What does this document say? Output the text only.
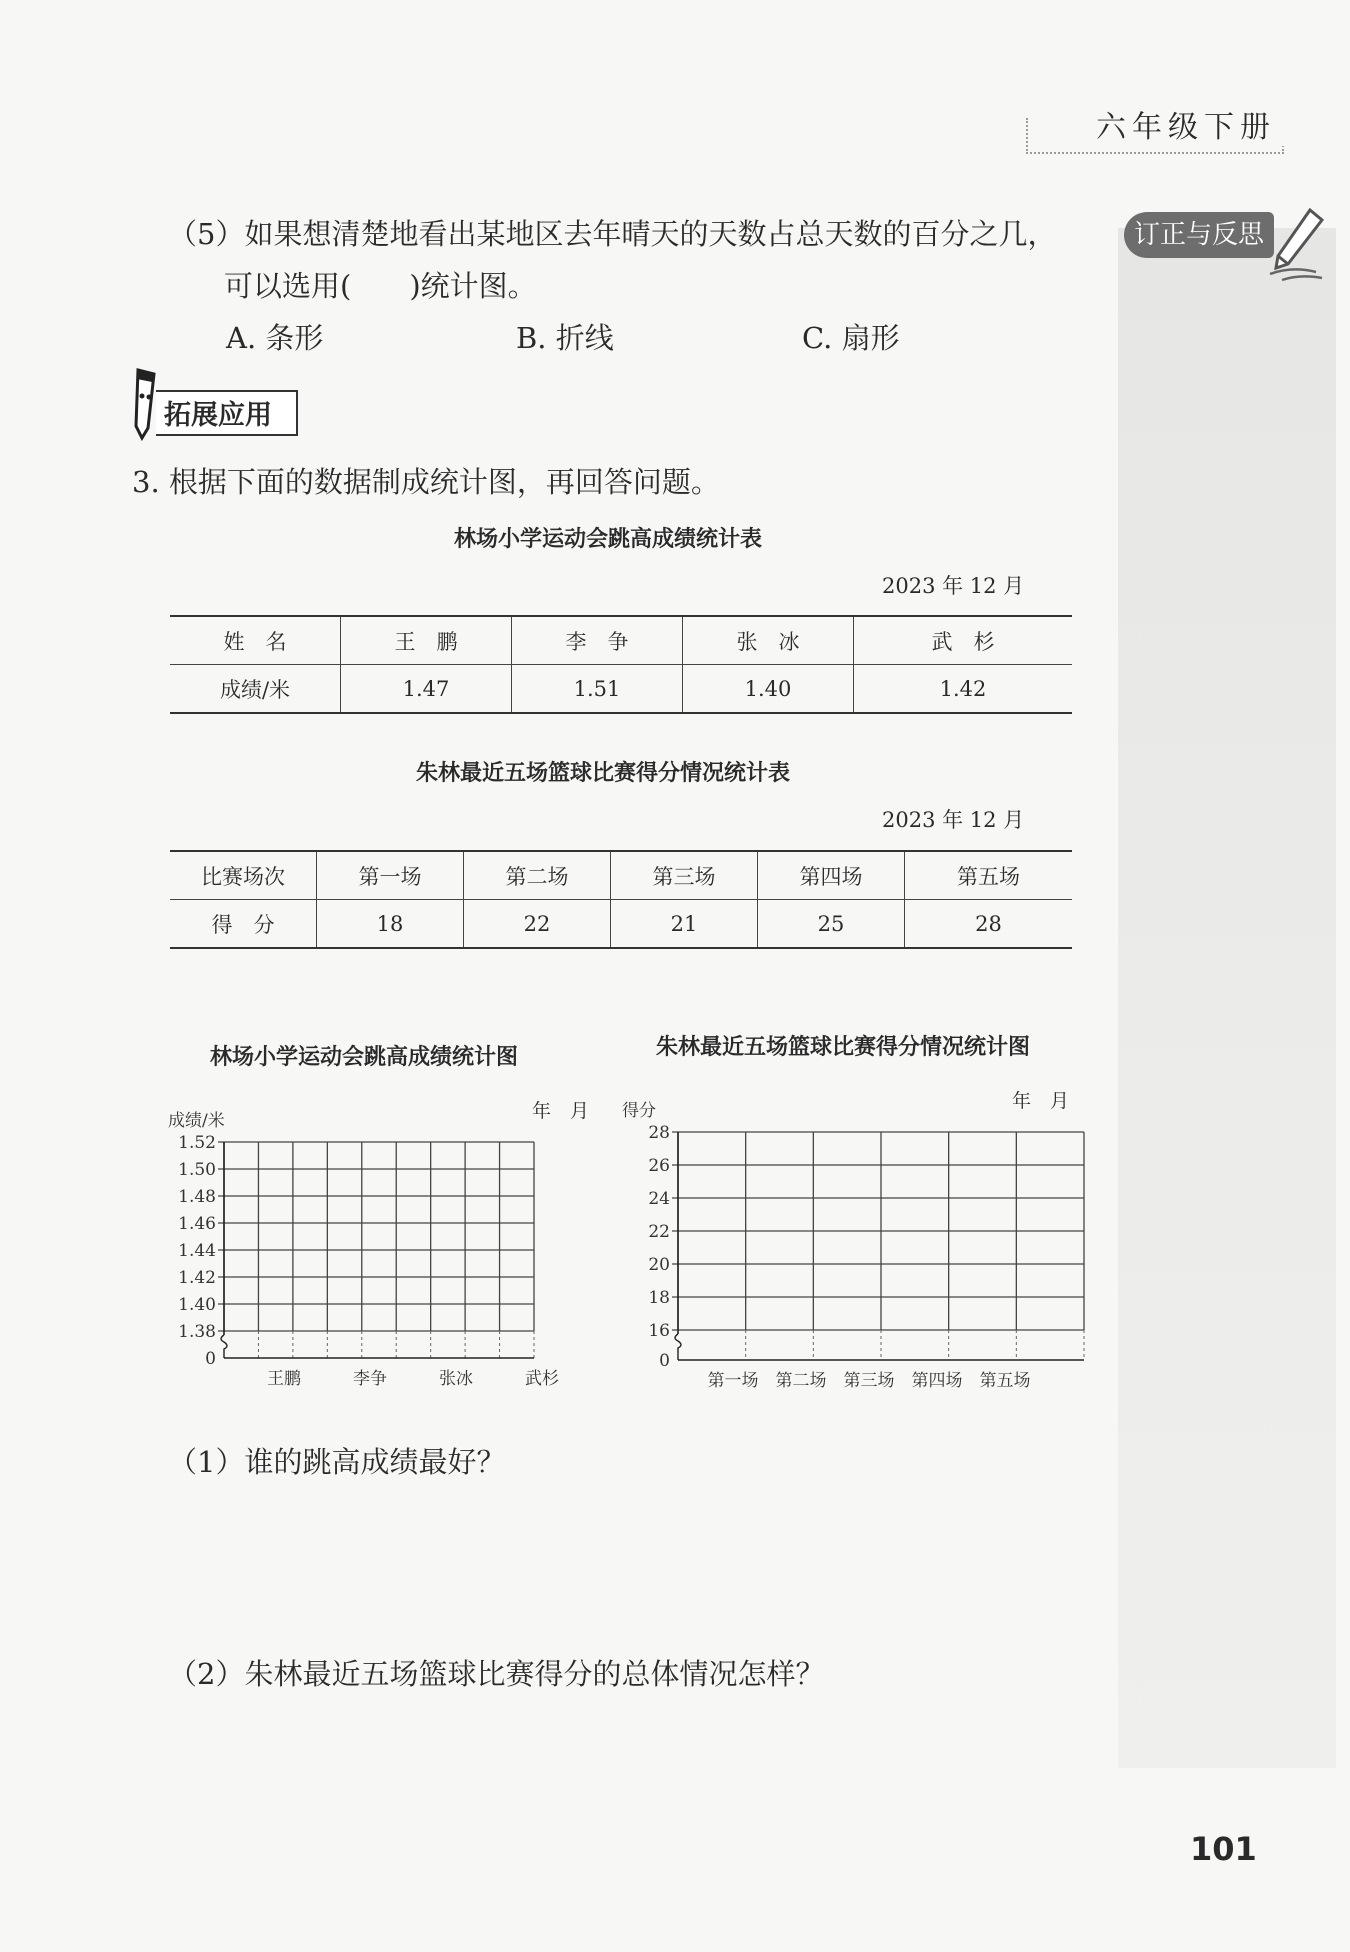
六年级下册
订正与反思
（5）如果想清楚地看出某地区去年晴天的天数占总天数的百分之几，
可以选用(　　)统计图。
A. 条形	B. 折线	C. 扇形
拓展应用
3. 根据下面的数据制成统计图，再回答问题。
林场小学运动会跳高成绩统计表
2023 年 12 月
姓　名	王　鹏	李　争	张　冰	武　杉
成绩/米	1.47	1.51	1.40	1.42
朱林最近五场篮球比赛得分情况统计表
2023 年 12 月
比赛场次	第一场	第二场	第三场	第四场	第五场
得　分	18	22	21	25	28
林场小学运动会跳高成绩统计图
年　月
成绩/米
1.52
1.50
1.48
1.46
1.44
1.42
1.40
1.38
0
王鹏	李争	张冰	武杉
朱林最近五场篮球比赛得分情况统计图
年　月
得分
28
26
24
22
20
18
16
0
第一场 第二场 第三场 第四场 第五场
（1）谁的跳高成绩最好？
（2）朱林最近五场篮球比赛得分的总体情况怎样？
101
